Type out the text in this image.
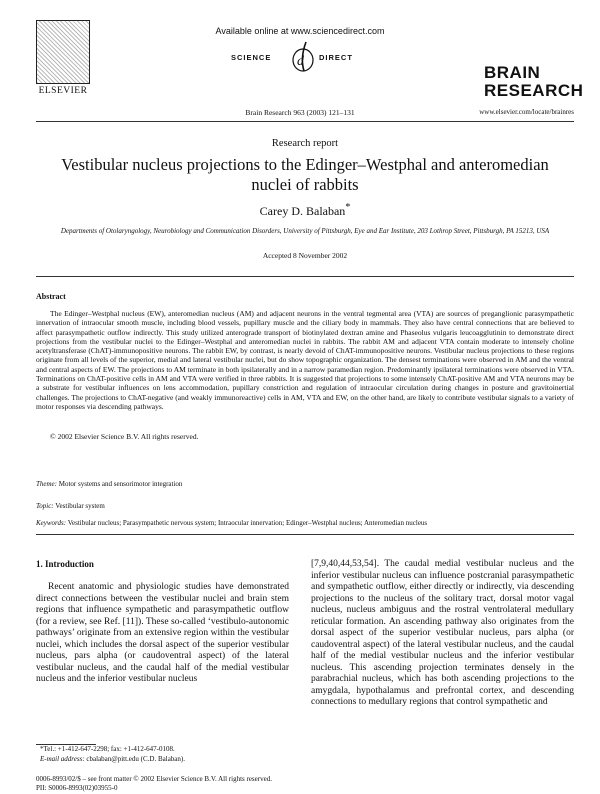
ELSEVIER
Available online at www.sciencedirect.com
SCIENCE d DIRECT
Brain Research 963 (2003) 121–131
BRAIN
RESEARCH
www.elsevier.com/locate/brainres
Research report
Vestibular nucleus projections to the Edinger–Westphal and anteromedian nuclei of rabbits
Carey D. Balaban*
Departments of Otolaryngology, Neurobiology and Communication Disorders, University of Pittsburgh, Eye and Ear Institute, 203 Lothrop Street, Pittsburgh, PA 15213, USA
Accepted 8 November 2002
Abstract
The Edinger–Westphal nucleus (EW), anteromedian nucleus (AM) and adjacent neurons in the ventral tegmental area (VTA) are sources of preganglionic parasympathetic innervation of intraocular smooth muscle, including blood vessels, pupillary muscle and the ciliary body in mammals. They also have central connections that are believed to affect parasympathetic outflow indirectly. This study utilized anterograde transport of biotinylated dextran amine and Phaseolus vulgaris leucoagglutinin to demonstrate direct projections from the vestibular nuclei to the Edinger–Westphal and anteromedian nuclei in rabbits. The rabbit AM and adjacent VTA contain moderate to intensely choline acetyltransferase (ChAT)-immunopositive neurons. The rabbit EW, by contrast, is nearly devoid of ChAT-immunopositive neurons. Vestibular nucleus projections to these regions originate from all levels of the superior, medial and lateral vestibular nuclei, but do show topographic organization. The densest terminations were observed in AM and the ventral and central aspects of EW. The projections to AM terminate in both ipsilaterally and in a narrow paramedian region. Predominantly ipsilateral terminations were observed in VTA. Terminations on ChAT-positive cells in AM and VTA were verified in three rabbits. It is suggested that projections to some intensely ChAT-positive AM and VTA neurons may be a substrate for vestibular influences on lens accommodation, pupillary constriction and regulation of intraocular circulation during changes in posture and gravitoinertial challenges. The projections to ChAT-negative (and weakly immunoreactive) cells in AM, VTA and EW, on the other hand, are likely to contribute vestibular signals to a variety of motor responses via descending pathways.
© 2002 Elsevier Science B.V. All rights reserved.
Theme: Motor systems and sensorimotor integration
Topic: Vestibular system
Keywords: Vestibular nucleus; Parasympathetic nervous system; Intraocular innervation; Edinger–Westphal nucleus; Anteromedian nucleus
1. Introduction
Recent anatomic and physiologic studies have demonstrated direct connections between the vestibular nuclei and brain stem regions that influence sympathetic and parasympathetic outflow (for a review, see Ref. [11]). These so-called ‘vestibulo-autonomic pathways’ originate from an extensive region within the vestibular nuclei, which includes the dorsal aspect of the superior vestibular nucleus, pars alpha (or caudoventral aspect) of the lateral vestibular nucleus, and the caudal half of the medial vestibular nucleus and the inferior vestibular nucleus
[7,9,40,44,53,54]. The caudal medial vestibular nucleus and the inferior vestibular nucleus can influence postcranial parasympathetic and sympathetic outflow, either directly or indirectly, via descending projections to the nucleus of the solitary tract, dorsal motor vagal nucleus, nucleus ambiguus and the rostral ventrolateral medullary reticular formation. An ascending pathway also originates from the dorsal aspect of the superior vestibular nucleus, pars alpha (or caudoventral aspect) of the lateral vestibular nucleus, and the caudal half of the medial vestibular nucleus and the inferior vestibular nucleus. This ascending projection terminates densely in the parabrachial nucleus, which has both ascending projections to the amygdala, hypothalamus and prefrontal cortex, and descending connections to medullary regions that control sympathetic and
*Tel.: +1-412-647-2298; fax: +1-412-647-0108.
E-mail address: cbalaban@pitt.edu (C.D. Balaban).
0006-8993/02/$ – see front matter © 2002 Elsevier Science B.V. All rights reserved.
PII: S0006-8993(02)03955-0
